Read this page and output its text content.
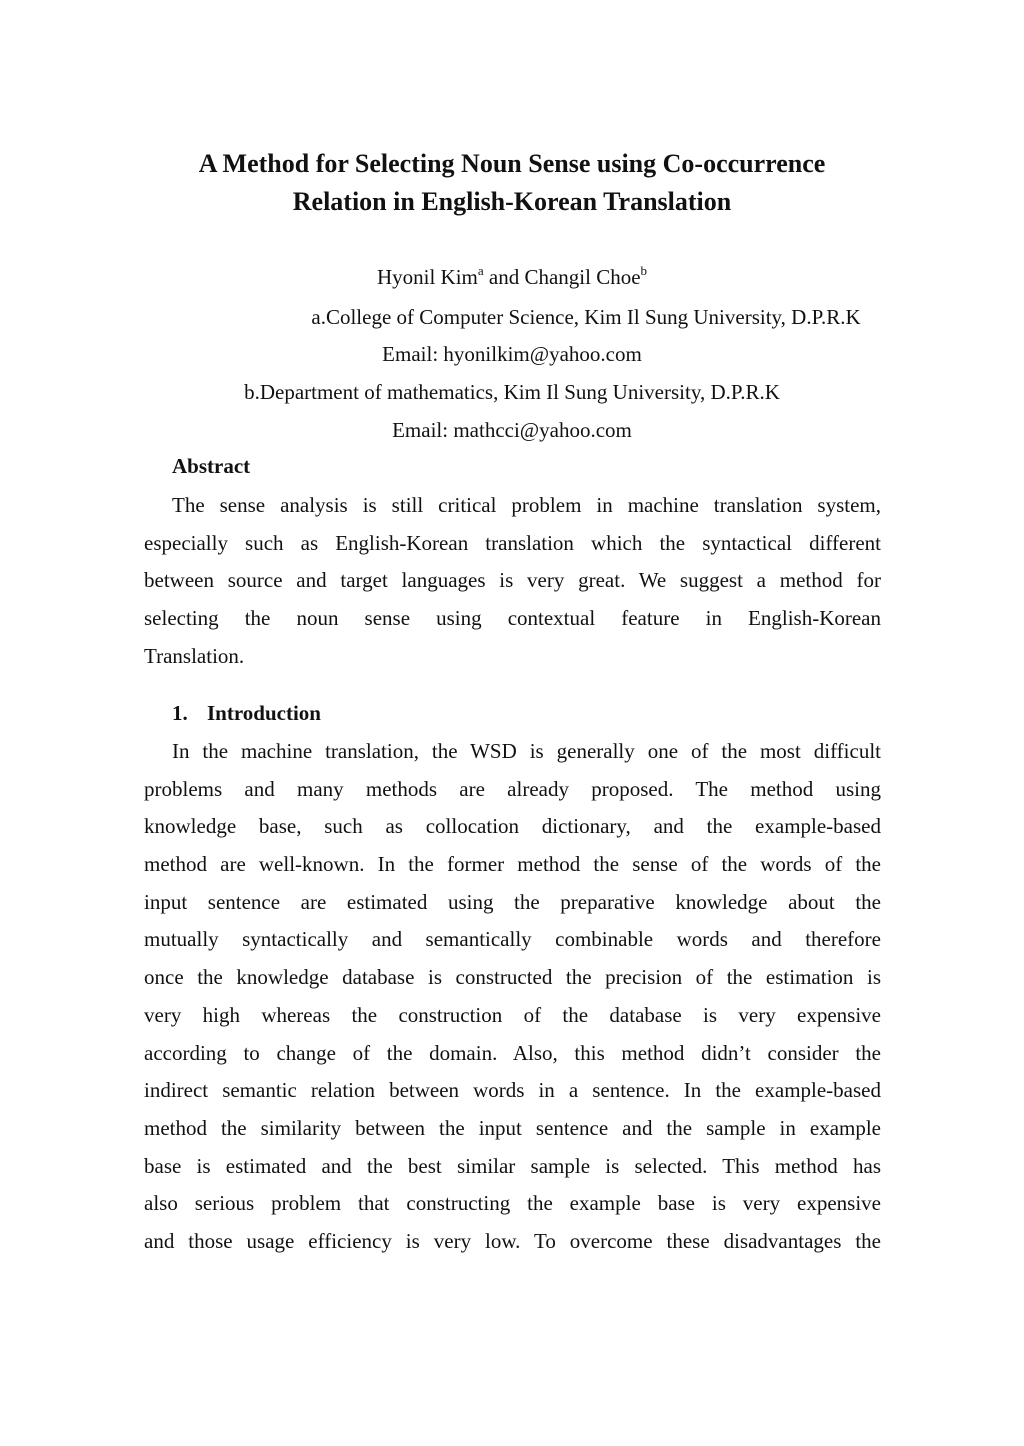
A Method for Selecting Noun Sense using Co-occurrence
Relation in English-Korean Translation

Hyonil Kim$^a$ and Changil Choe$^b$

a.College of Computer Science, Kim Il Sung University, D.P.R.K

Email: hyonilkim@yahoo.com

b.Department of mathematics, Kim Il Sung University, D.P.R.K

Email: mathcci@yahoo.com

Abstract
The sense analysis is still critical problem in machine translation system,
especially such as English-Korean translation which the syntactical different
between source and target languages is very great. We suggest a method for
selecting the noun sense using contextual feature in English-Korean
Translation.
1. Introduction
In the machine translation, the WSD is generally one of the most difficult
problems and many methods are already proposed. The method using
knowledge base, such as collocation dictionary, and the example-based
method are well-known. In the former method the sense of the words of the
input sentence are estimated using the preparative knowledge about the
mutually syntactically and semantically combinable words and therefore
once the knowledge database is constructed the precision of the estimation is
very high whereas the construction of the database is very expensive
according to change of the domain. Also, this method didn’t consider the
indirect semantic relation between words in a sentence. In the example-based
method the similarity between the input sentence and the sample in example
base is estimated and the best similar sample is selected. This method has
also serious problem that constructing the example base is very expensive
and those usage efficiency is very low. To overcome these disadvantages the
